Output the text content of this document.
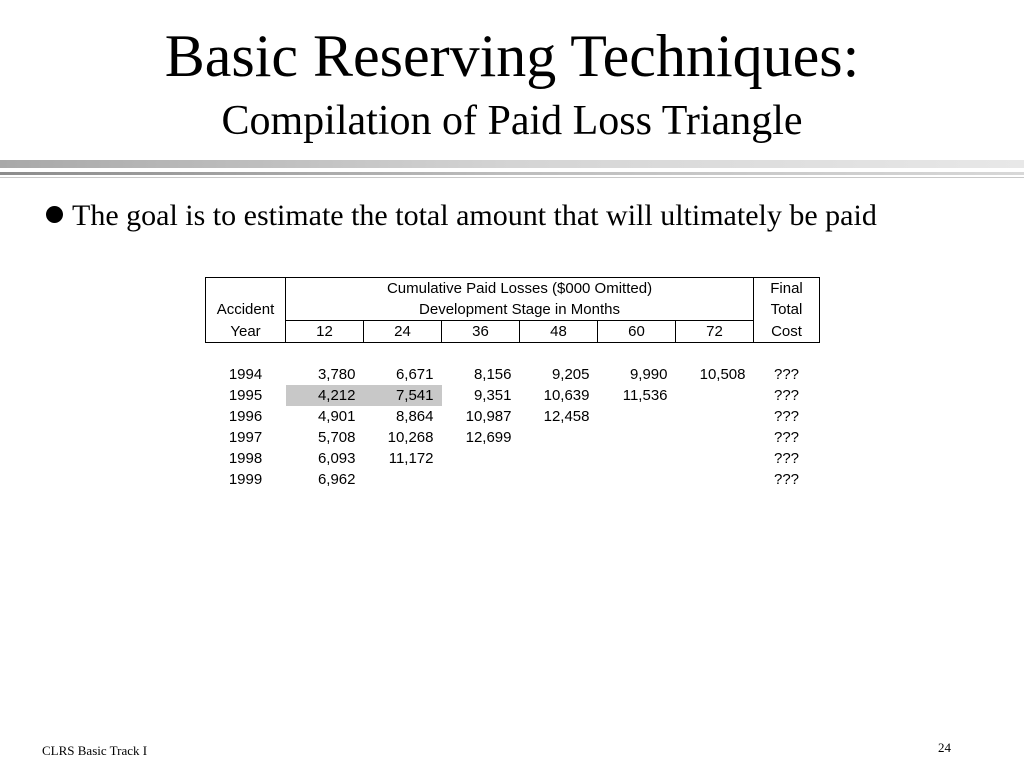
Basic Reserving Techniques:
Compilation of Paid Loss Triangle
The goal is to estimate the total amount that will ultimately be paid
	Cumulative Paid Losses ($000 Omitted)						Final
Accident	Development Stage in Months						Total
Year	12	24	36	48	60	72	Cost

1994	3,780	6,671	8,156	9,205	9,990	10,508	???
1995	4,212	7,541	9,351	10,639	11,536		???
1996	4,901	8,864	10,987	12,458			???
1997	5,708	10,268	12,699				???
1998	6,093	11,172					???
1999	6,962						???
CLRS Basic Track I	24
